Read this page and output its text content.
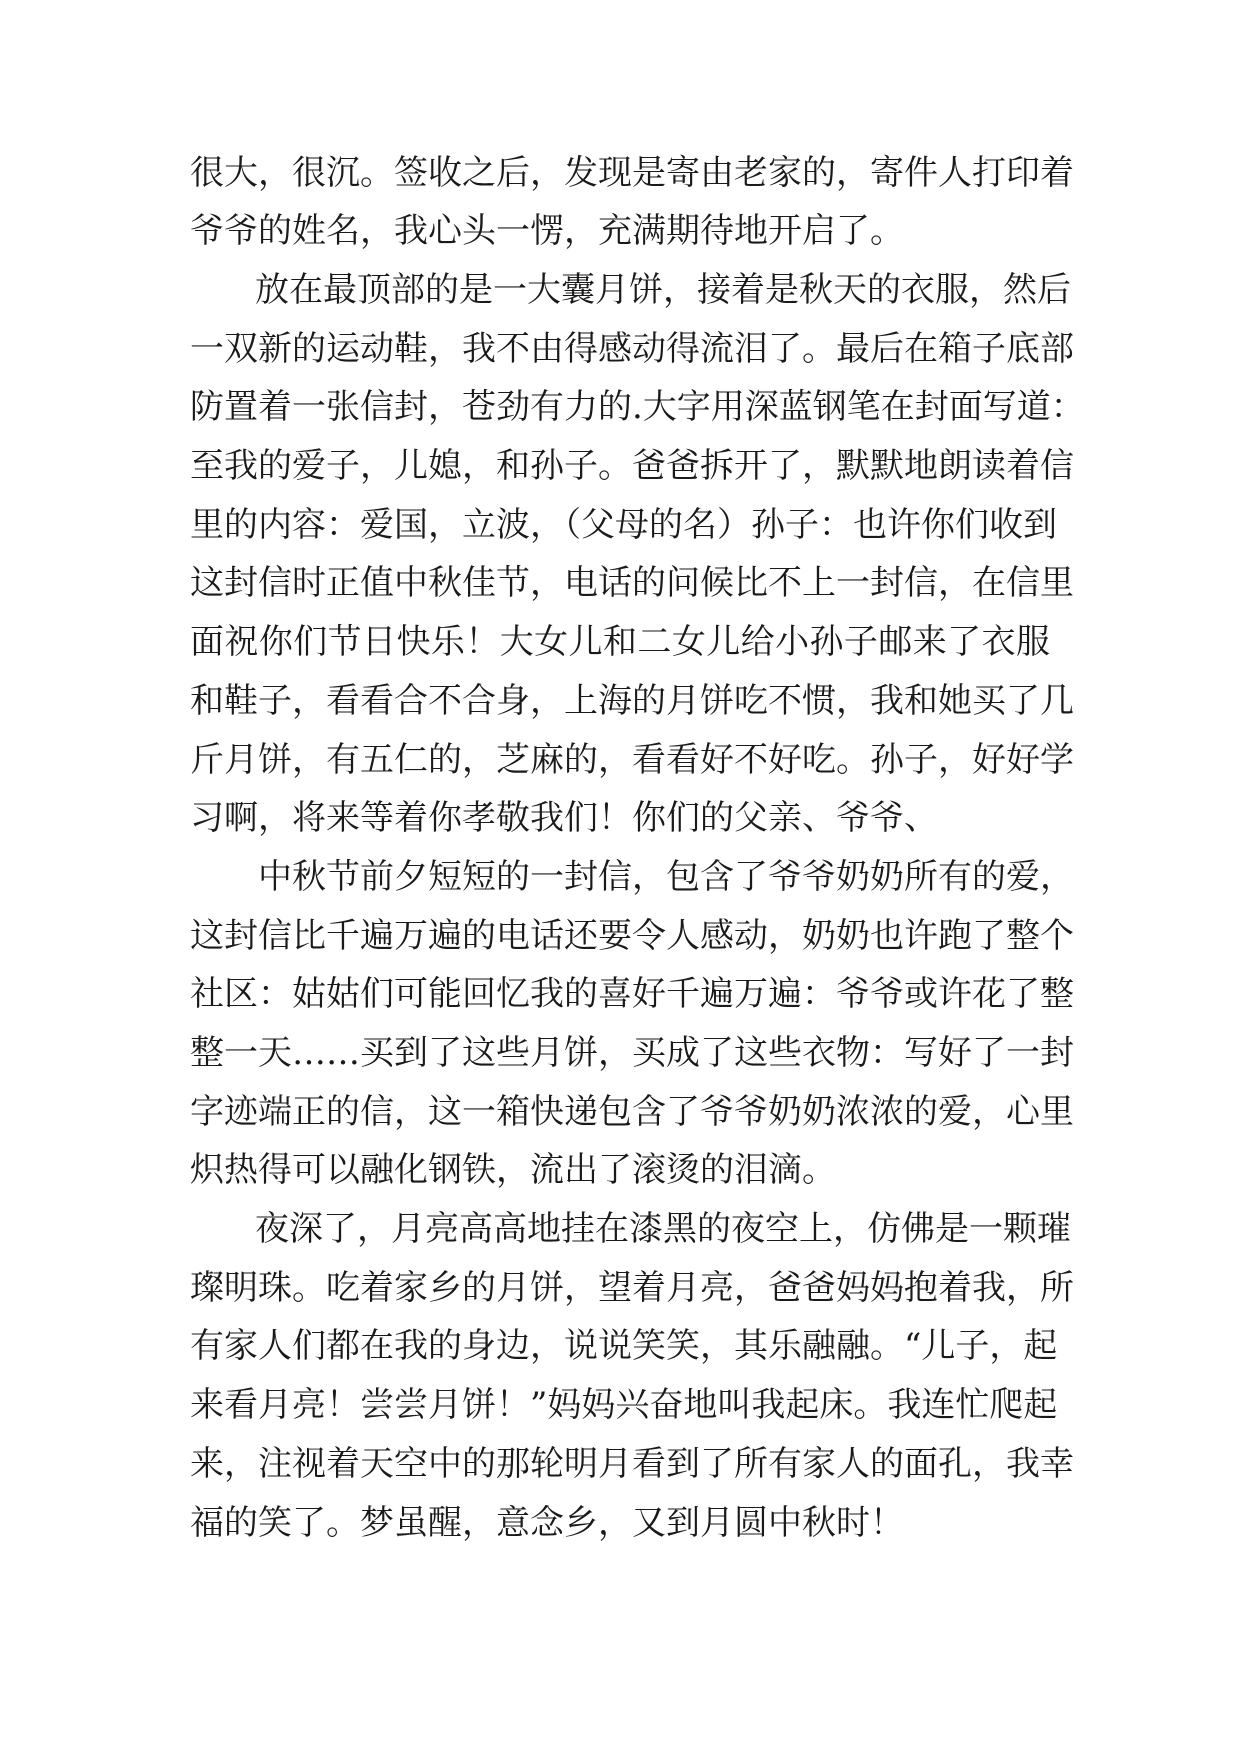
很大，很沉。签收之后，发现是寄由老家的，寄件人打印着
爷爷的姓名，我心头一愣，充满期待地开启了。
放在最顶部的是一大囊月饼，接着是秋天的衣服，然后
一双新的运动鞋，我不由得感动得流泪了。最后在箱子底部
防置着一张信封，苍劲有力的.大字用深蓝钢笔在封面写道：
至我的爱子，儿媳，和孙子。爸爸拆开了，默默地朗读着信
里的内容：爱国，立波，（父母的名）孙子：也许你们收到
这封信时正值中秋佳节，电话的问候比不上一封信，在信里
面祝你们节日快乐！大女儿和二女儿给小孙子邮来了衣服
和鞋子，看看合不合身，上海的月饼吃不惯，我和她买了几
斤月饼，有五仁的，芝麻的，看看好不好吃。孙子，好好学
习啊，将来等着你孝敬我们！你们的父亲、爷爷、
中秋节前夕短短的一封信，包含了爷爷奶奶所有的爱，
这封信比千遍万遍的电话还要令人感动，奶奶也许跑了整个
社区：姑姑们可能回忆我的喜好千遍万遍：爷爷或许花了整
整一天……买到了这些月饼，买成了这些衣物：写好了一封
字迹端正的信，这一箱快递包含了爷爷奶奶浓浓的爱，心里
炽热得可以融化钢铁，流出了滚烫的泪滴。
夜深了，月亮高高地挂在漆黑的夜空上，仿佛是一颗璀
璨明珠。吃着家乡的月饼，望着月亮，爸爸妈妈抱着我，所
有家人们都在我的身边，说说笑笑，其乐融融。“儿子，起
来看月亮！尝尝月饼！”妈妈兴奋地叫我起床。我连忙爬起
来，注视着天空中的那轮明月看到了所有家人的面孔，我幸
福的笑了。梦虽醒，意念乡，又到月圆中秋时！
